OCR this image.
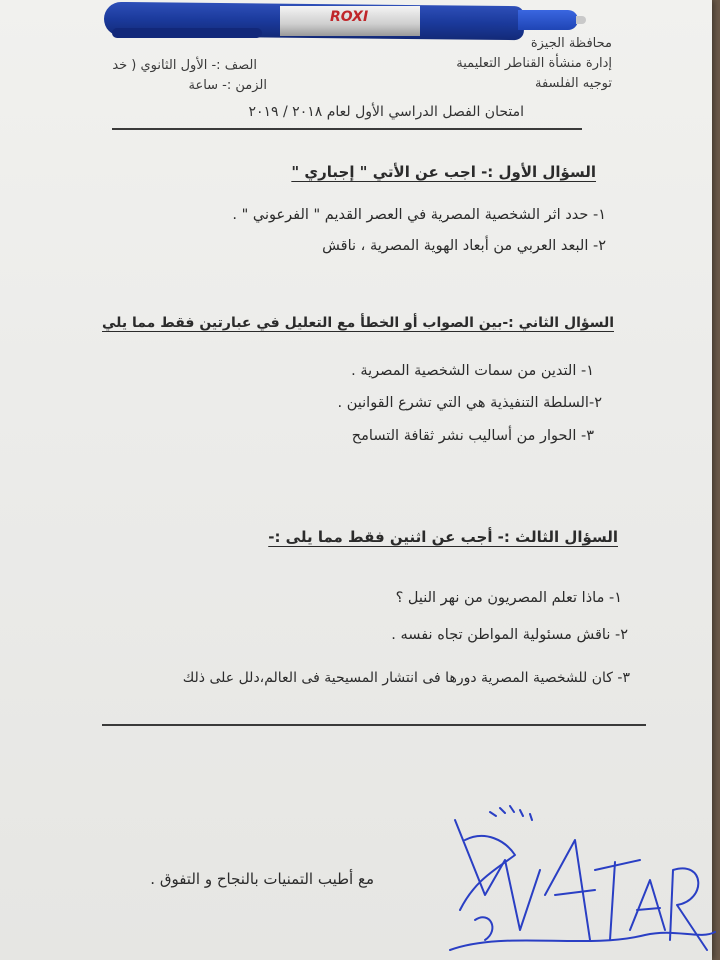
محافظة الجيزة
إدارة منشأة القناطر التعليمية
توجيه الفلسفة
الصف :- الأول الثانوي ( خد
الزمن :- ساعة
امتحان الفصل الدراسي الأول لعام ٢٠١٨ / ٢٠١٩
السؤال الأول :- اجب عن الأتي " إجباري "
١- حدد اثر الشخصية المصرية في العصر القديم " الفرعوني " .
٢- البعد العربي من أبعاد الهوية المصرية ، ناقش
السؤال الثاني :-بين الصواب أو الخطأ مع التعليل في عبارتين فقط مما يلي
١- التدين من سمات الشخصية المصرية .
٢-السلطة التنفيذية هي التي تشرع القوانين .
٣- الحوار من أساليب نشر ثقافة التسامح
السؤال الثالث :- أجب عن اثنين فقط مما يلى :-
١- ماذا تعلم المصريون من نهر النيل ؟
٢- ناقش مسئولية المواطن تجاه نفسه .
٣- كان للشخصية المصرية دورها فى انتشار المسيحية فى العالم،دلل على ذلك
مع أطيب التمنيات بالنجاح و التفوق .
ROXI
